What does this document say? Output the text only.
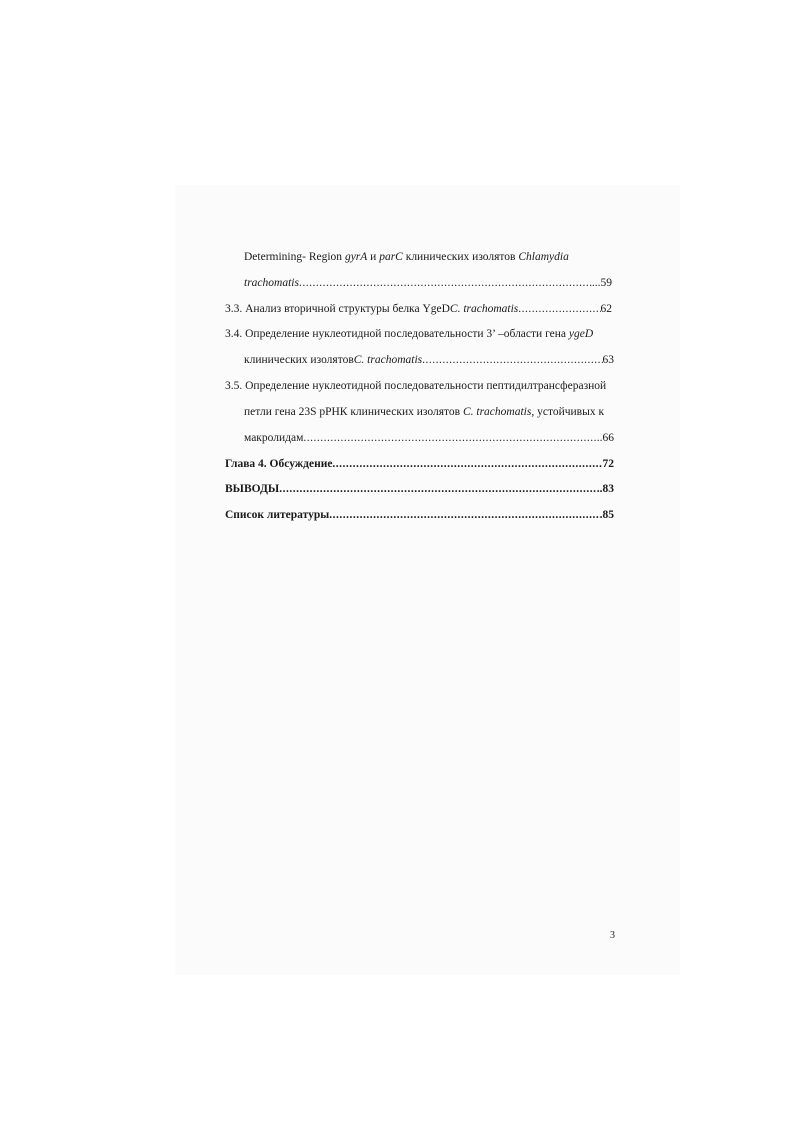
Determining- Region gyrA и parC клинических изолятов Chlamydia
trachomatis .....	...59
3.3. Анализ вторичной структуры белка YgeD C. trachomatis .....	62
3.4. Определение нуклеотидной последовательности 3’ –области гена ygeD
клинических изолятов C. trachomatis .....	63
3.5. Определение нуклеотидной последовательности пептидилтрансферазной
петли гена 23S рРНК клинических изолятов C. trachomatis, устойчивых к
макролидам .....	..66
Глава 4. Обсуждение .....	72
ВЫВОДЫ .....	..83
Список литературы .....	.85
3
